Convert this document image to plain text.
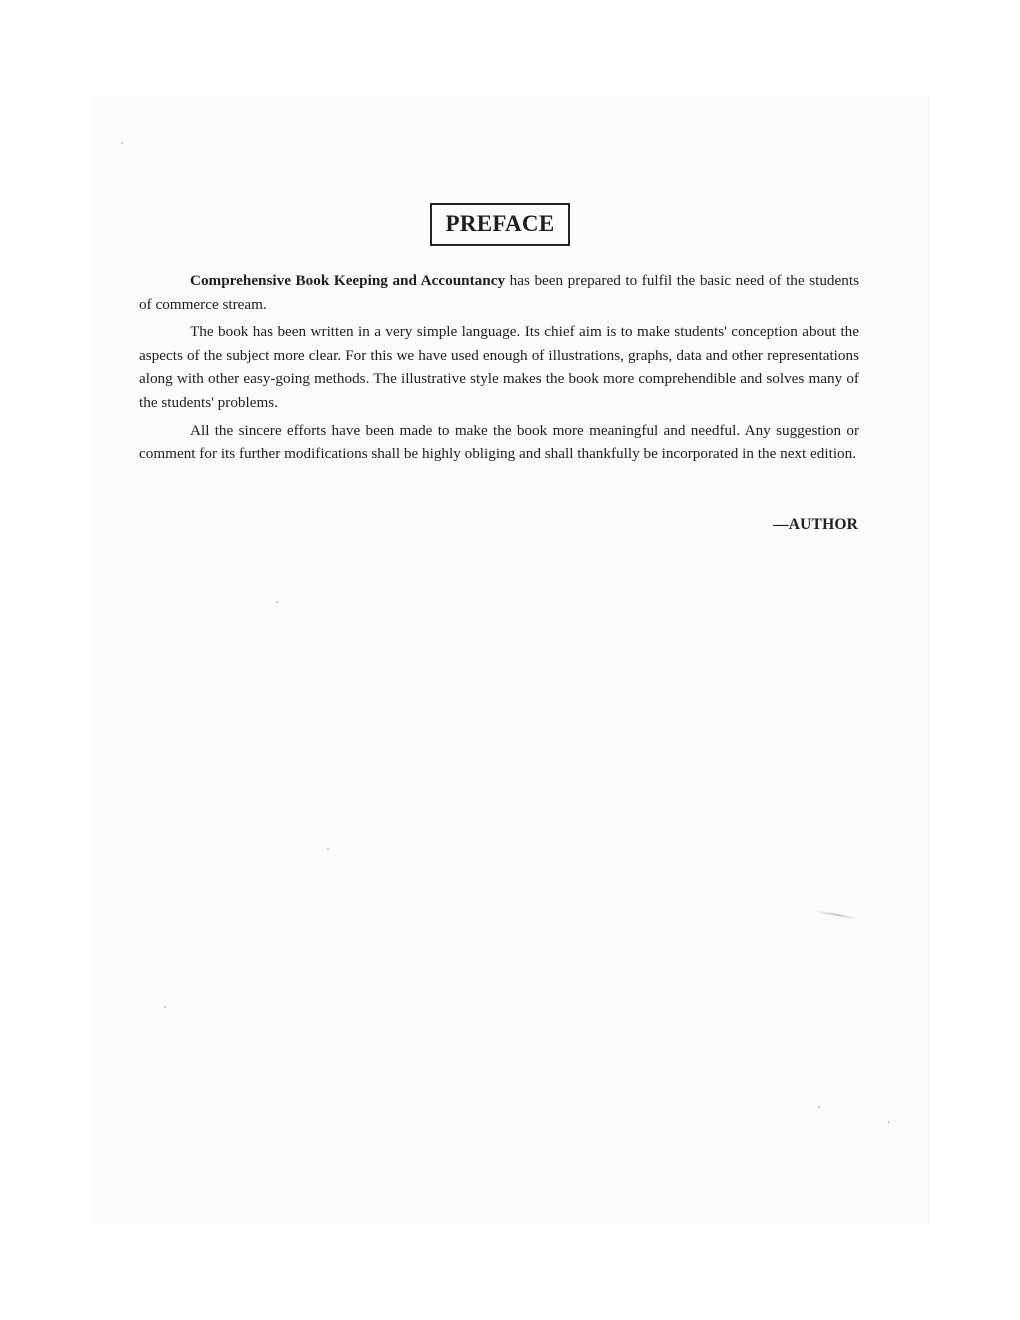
PREFACE

Comprehensive Book Keeping and Accountancy has been prepared to fulfil the basic need of the students of commerce stream.

The book has been written in a very simple language. Its chief aim is to make students' conception about the aspects of the subject more clear. For this we have used enough of illustrations, graphs, data and other representations along with other easy-going methods. The illustrative style makes the book more comprehendible and solves many of the students' problems.

All the sincere efforts have been made to make the book more meaningful and needful. Any suggestion or comment for its further modifications shall be highly obliging and shall thankfully be incorporated in the next edition.

—AUTHOR
